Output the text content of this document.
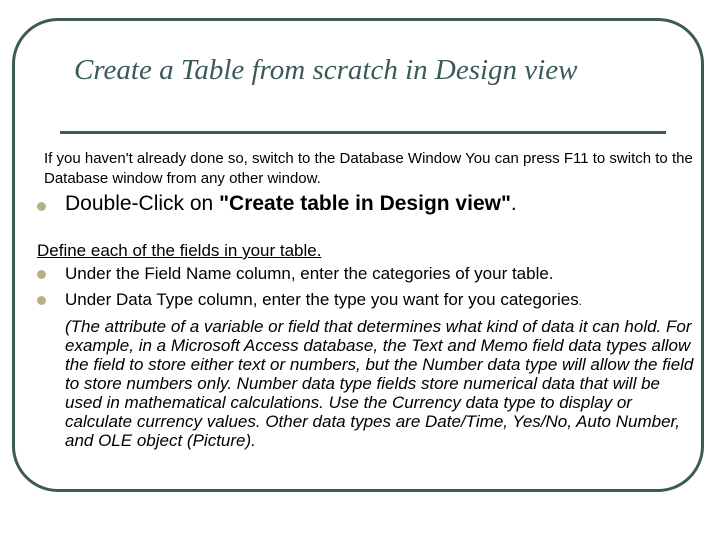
Create a Table from scratch in Design view

If you haven't already done so, switch to the Database Window You can press F11 to switch to the Database window from any other window.

Double-Click on "Create table in Design view".

Define each of the fields in your table.

Under the Field Name column, enter the categories of your table.

Under Data Type column, enter the type you want for you categories.

(The attribute of a variable or field that determines what kind of data it can hold. For example, in a Microsoft Access database, the Text and Memo field data types allow the field to store either text or numbers, but the Number data type will allow the field to store numbers only. Number data type fields store numerical data that will be used in mathematical calculations. Use the Currency data type to display or calculate currency values. Other data types are Date/Time, Yes/No, Auto Number, and OLE object (Picture).
